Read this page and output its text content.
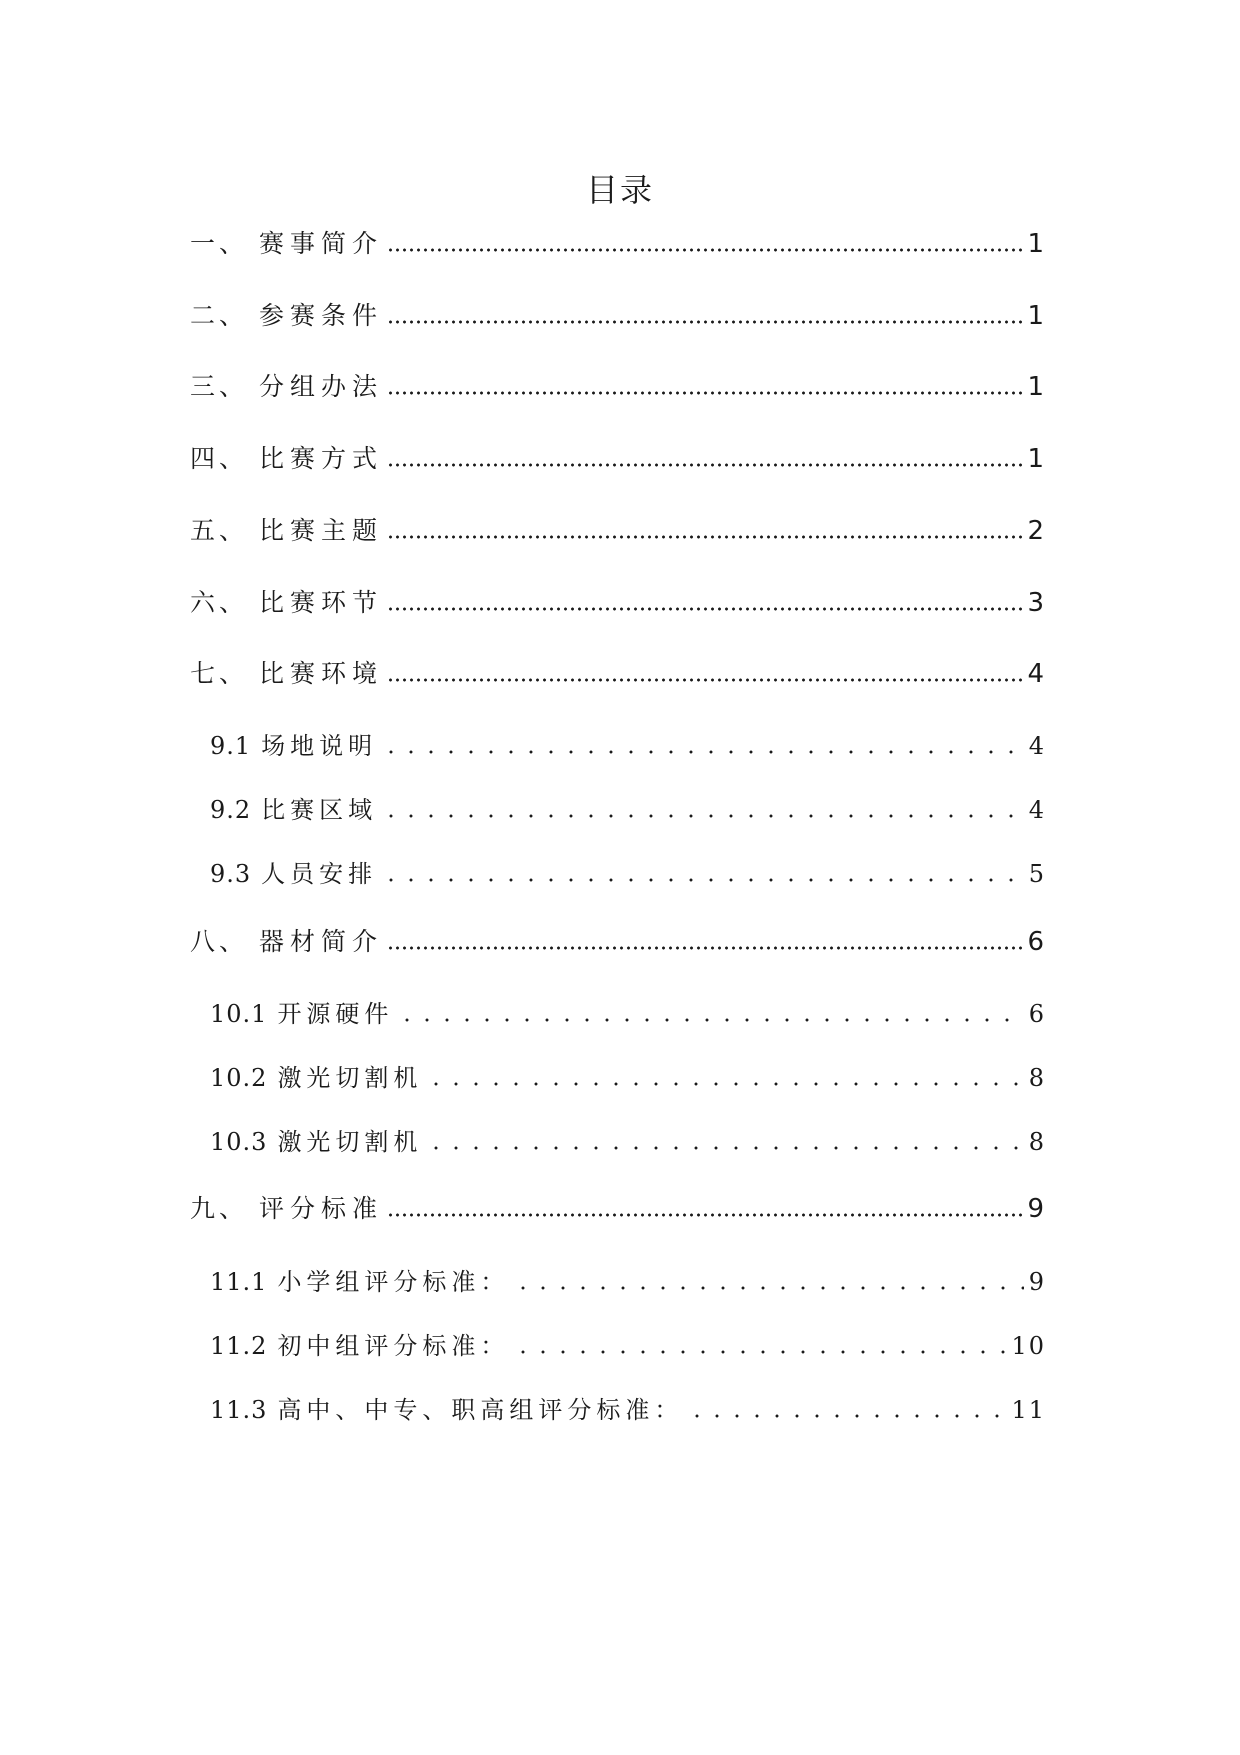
目录
一 、 赛事简介	1
二 、 参赛条件	1
三 、 分组办法	1
四 、 比赛方式	1
五 、 比赛主题	2
六 、 比赛环节	3
七 、 比赛环境	4
9.1 场地说明	4
9.2 比赛区域	4
9.3 人员安排	5
八 、 器材简介	6
10.1 开源硬件	6
10.2 激光切割机	8
10.3 激光切割机	8
九 、 评分标准	9
11.1 小学组评分标准：	9
11.2 初中组评分标准：	10
11.3 高中、中专、职高组评分标准：	11
